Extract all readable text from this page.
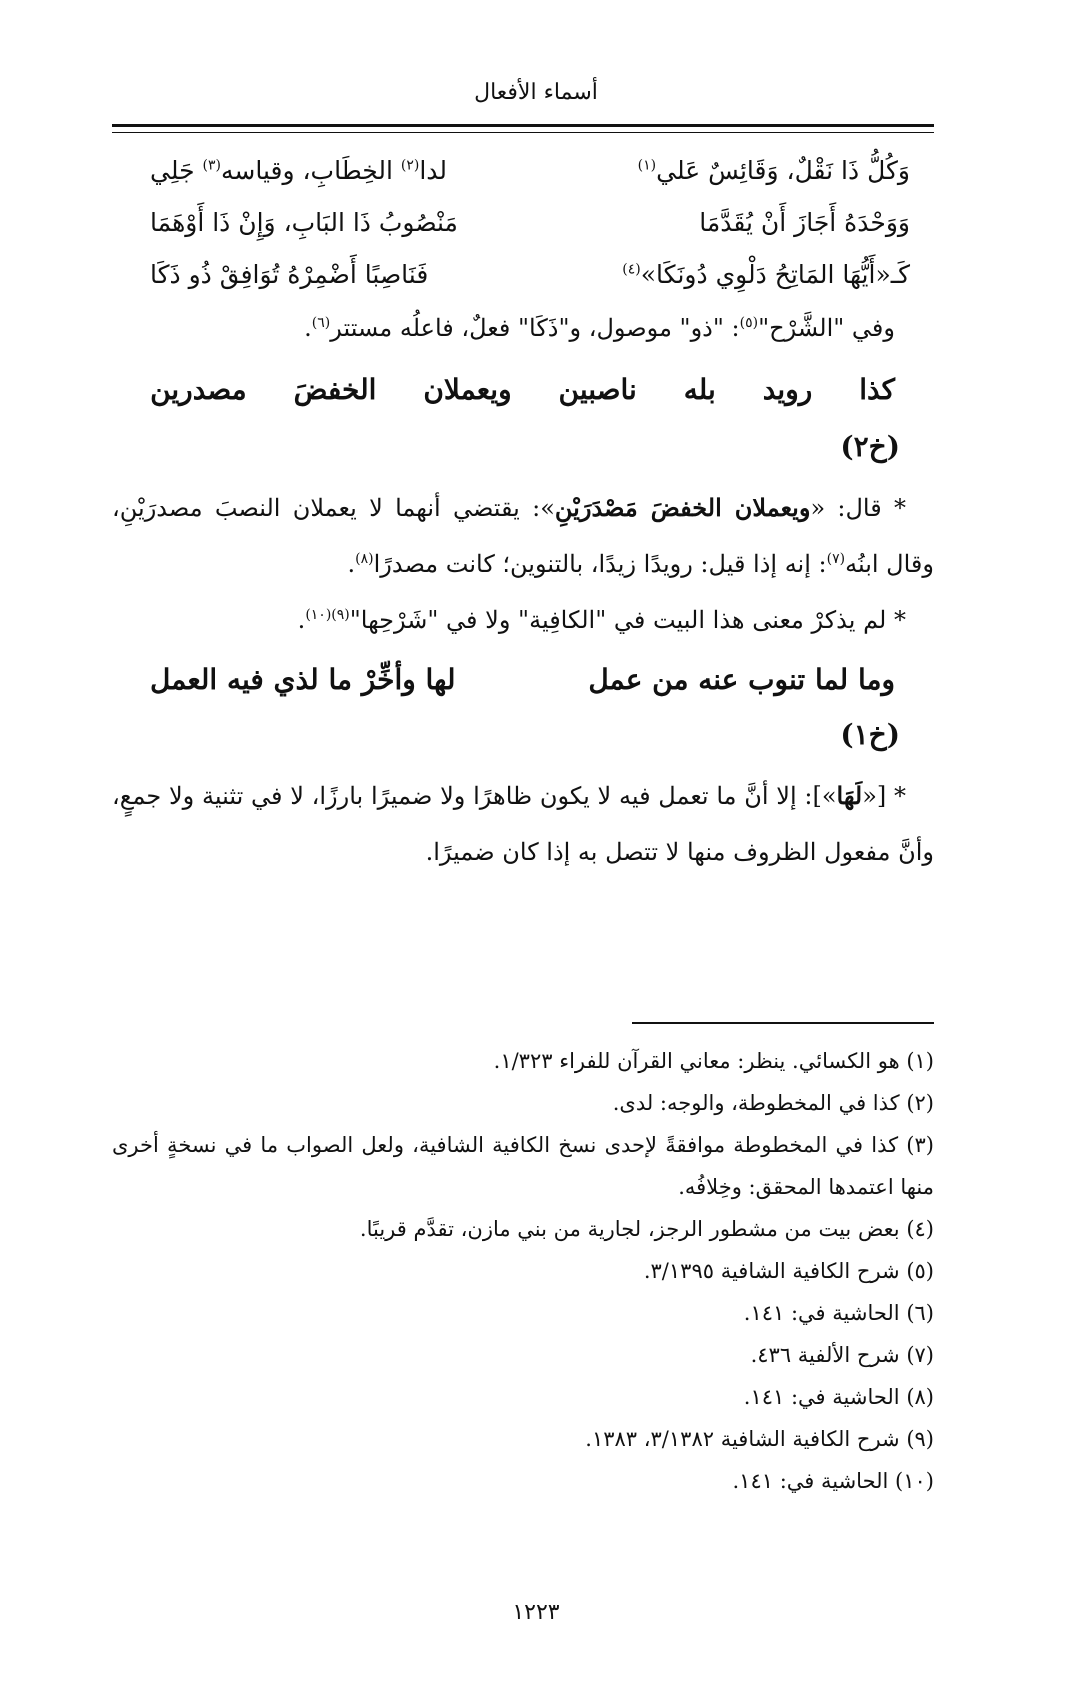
أسماء الأفعال
وَكُلُّ ذَا نَقْلٌ، وَقَائِسٌ عَلي$^{(١)}$
لدا$^{(٢)}$ الخِطَابِ، وقياسه$^{(٣)}$ جَلِي
وَوَحْدَهُ أَجَازَ أَنْ يُقَدَّمَا
مَنْصُوبُ ذَا البَابِ، وَإِنْ ذَا أَوْهَمَا
كَـ«أَيُّهَا المَاتِحُ دَلْوِي دُونَكَا»$^{(٤)}$
فَنَاصِبًا أَضْمِرْهُ تُوَافِقْ ذُو ذَكَا
وفي "الشَّرْح"$^{(٥)}$: "ذو" موصول، و"ذَكَا" فعلٌ، فاعلُه مستتر$^{(٦)}$.
كذا
رويد
بله
ناصبين
ويعملان
الخفضَ
مصدرين
(خ٢)
* قال: «ويعملان الخفضَ مَصْدَرَيْنِ»: يقتضي أنهما لا يعملان النصبَ مصدرَيْنِ، وقال ابنُه$^{(٧)}$: إنه إذا قيل: رويدًا زيدًا، بالتنوين؛ كانت مصدرًا$^{(٨)}$.
* لم يذكرْ معنى هذا البيت في "الكافِية" ولا في "شَرْحِها"$^{(٩)(١٠)}$.
وما لما تنوب عنه من عمل
لها وأخِّرْ ما لذي فيه العمل
(خ١)
* [«لَهَا»]: إلا أنَّ ما تعمل فيه لا يكون ظاهرًا ولا ضميرًا بارزًا، لا في تثنية ولا جمعٍ، وأنَّ مفعول الظروف منها لا تتصل به إذا كان ضميرًا.
(١) هو الكسائي. ينظر: معاني القرآن للفراء ١/٣٢٣.
(٢) كذا في المخطوطة، والوجه: لدى.
(٣) كذا في المخطوطة موافقةً لإحدى نسخ الكافية الشافية، ولعل الصواب ما في نسخةٍ أخرى منها اعتمدها المحقق: وخِلافُه.
(٤) بعض بيت من مشطور الرجز، لجارية من بني مازن، تقدَّم قريبًا.
(٥) شرح الكافية الشافية ٣/١٣٩٥.
(٦) الحاشية في: ١٤١.
(٧) شرح الألفية ٤٣٦.
(٨) الحاشية في: ١٤١.
(٩) شرح الكافية الشافية ٣/١٣٨٢، ١٣٨٣.
(١٠) الحاشية في: ١٤١.
١٢٢٣
